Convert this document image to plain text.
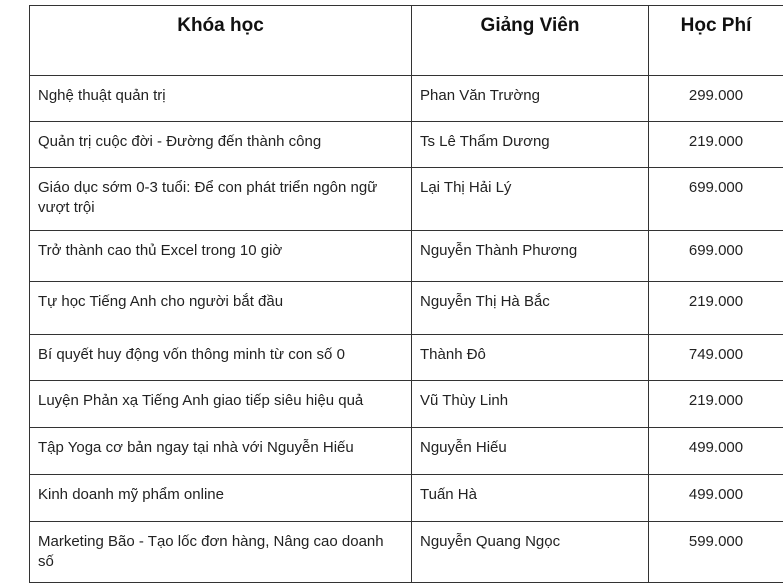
Khóa học	Giảng Viên	Học Phí
Nghệ thuật quản trị	Phan Văn Trường	299.000
Quản trị cuộc đời - Đường đến thành công	Ts Lê Thẩm Dương	219.000
Giáo dục sớm 0-3 tuổi: Để con phát triển ngôn ngữ vượt trội	Lại Thị Hải Lý	699.000
Trở thành cao thủ Excel trong 10 giờ	Nguyễn Thành Phương	699.000
Tự học Tiếng Anh cho người bắt đầu	Nguyễn Thị Hà Bắc	219.000
Bí quyết huy động vốn thông minh từ con số 0	Thành Đô	749.000
Luyện Phản xạ Tiếng Anh giao tiếp siêu hiệu quả	Vũ Thùy Linh	219.000
Tập Yoga cơ bản ngay tại nhà với Nguyễn Hiếu	Nguyễn Hiếu	499.000
Kinh doanh mỹ phẩm online	Tuấn Hà	499.000
Marketing Bão - Tạo lốc đơn hàng, Nâng cao doanh số	Nguyễn Quang Ngọc	599.000
